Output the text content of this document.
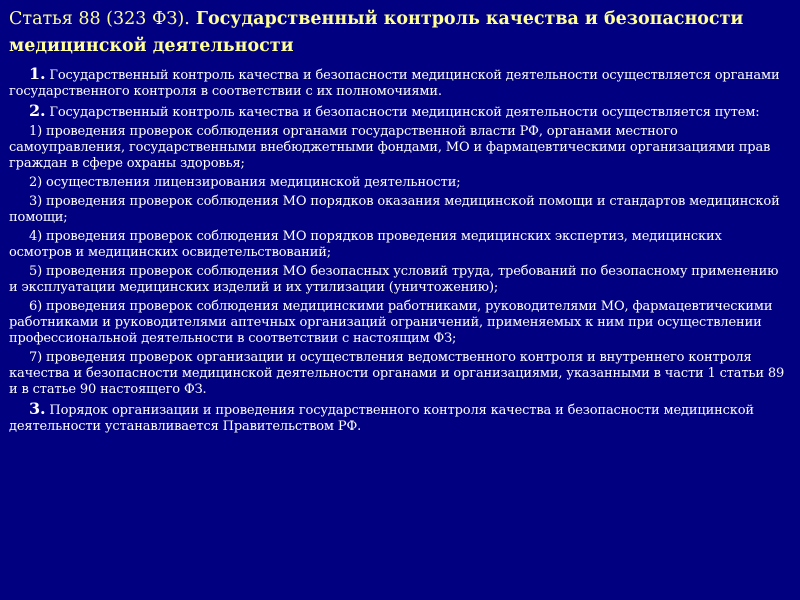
Статья 88 (323 ФЗ). Государственный контроль качества и безопасности медицинской деятельности

1. Государственный контроль качества и безопасности медицинской деятельности осуществляется органами государственного контроля в соответствии с их полномочиями.

2. Государственный контроль качества и безопасности медицинской деятельности осуществляется путем:

1) проведения проверок соблюдения органами государственной власти РФ, органами местного самоуправления, государственными внебюджетными фондами, МО и фармацевтическими организациями прав граждан в сфере охраны здоровья;

2) осуществления лицензирования медицинской деятельности;

3) проведения проверок соблюдения МО порядков оказания медицинской помощи и стандартов медицинской помощи;

4) проведения проверок соблюдения МО порядков проведения медицинских экспертиз, медицинских осмотров и медицинских освидетельствований;

5) проведения проверок соблюдения МО безопасных условий труда, требований по безопасному применению и эксплуатации медицинских изделий и их утилизации (уничтожению);

6) проведения проверок соблюдения медицинскими работниками, руководителями МО, фармацевтическими работниками и руководителями аптечных организаций ограничений, применяемых к ним при осуществлении профессиональной деятельности в соответствии с настоящим ФЗ;

7) проведения проверок организации и осуществления ведомственного контроля и внутреннего контроля качества и безопасности медицинской деятельности органами и организациями, указанными в части 1 статьи 89 и в статье 90 настоящего ФЗ.

3. Порядок организации и проведения государственного контроля качества и безопасности медицинской деятельности устанавливается Правительством РФ.
